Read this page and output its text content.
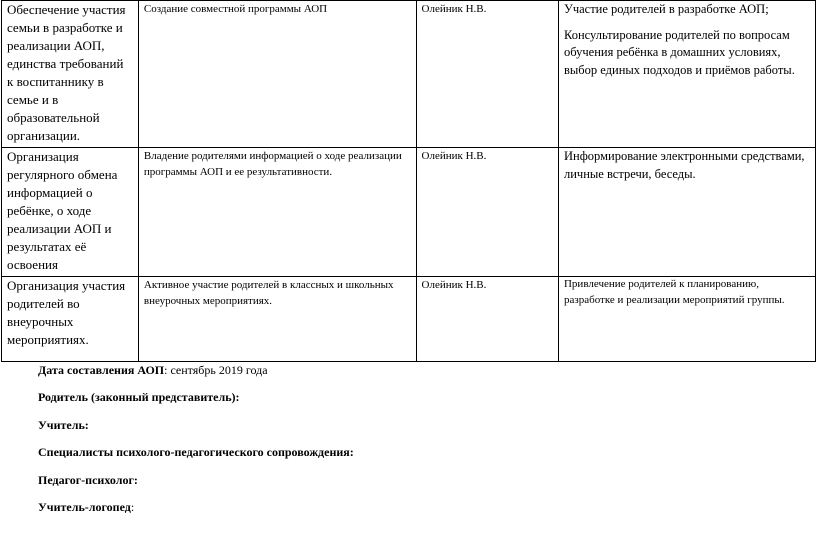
Обеспечение участия семьи в разработке и реализации АОП, единства требований к воспитаннику в семье и в образовательной организации.	Создание совместной программы АОП	Олейник Н.В.	Участие родителей в разработке АОП;
Консультирование родителей по вопросам обучения ребёнка в домашних условиях, выбор единых подходов и приёмов работы.

Организация регулярного обмена информацией о ребёнке, о ходе реализации АОП и результатах её освоения	Владение родителями информацией о ходе реализации программы АОП и ее результативности.	Олейник Н.В.	Информирование электронными средствами, личные встречи, беседы.

Организация участия родителей во внеурочных мероприятиях.	Активное участие родителей в классных и школьных внеурочных мероприятиях.	Олейник Н.В.	Привлечение родителей к планированию, разработке и реализации мероприятий группы.
Дата составления АОП: сентябрь 2019 года
Родитель (законный представитель):
Учитель:
Специалисты психолого-педагогического сопровождения:
Педагог-психолог:
Учитель-логопед:
